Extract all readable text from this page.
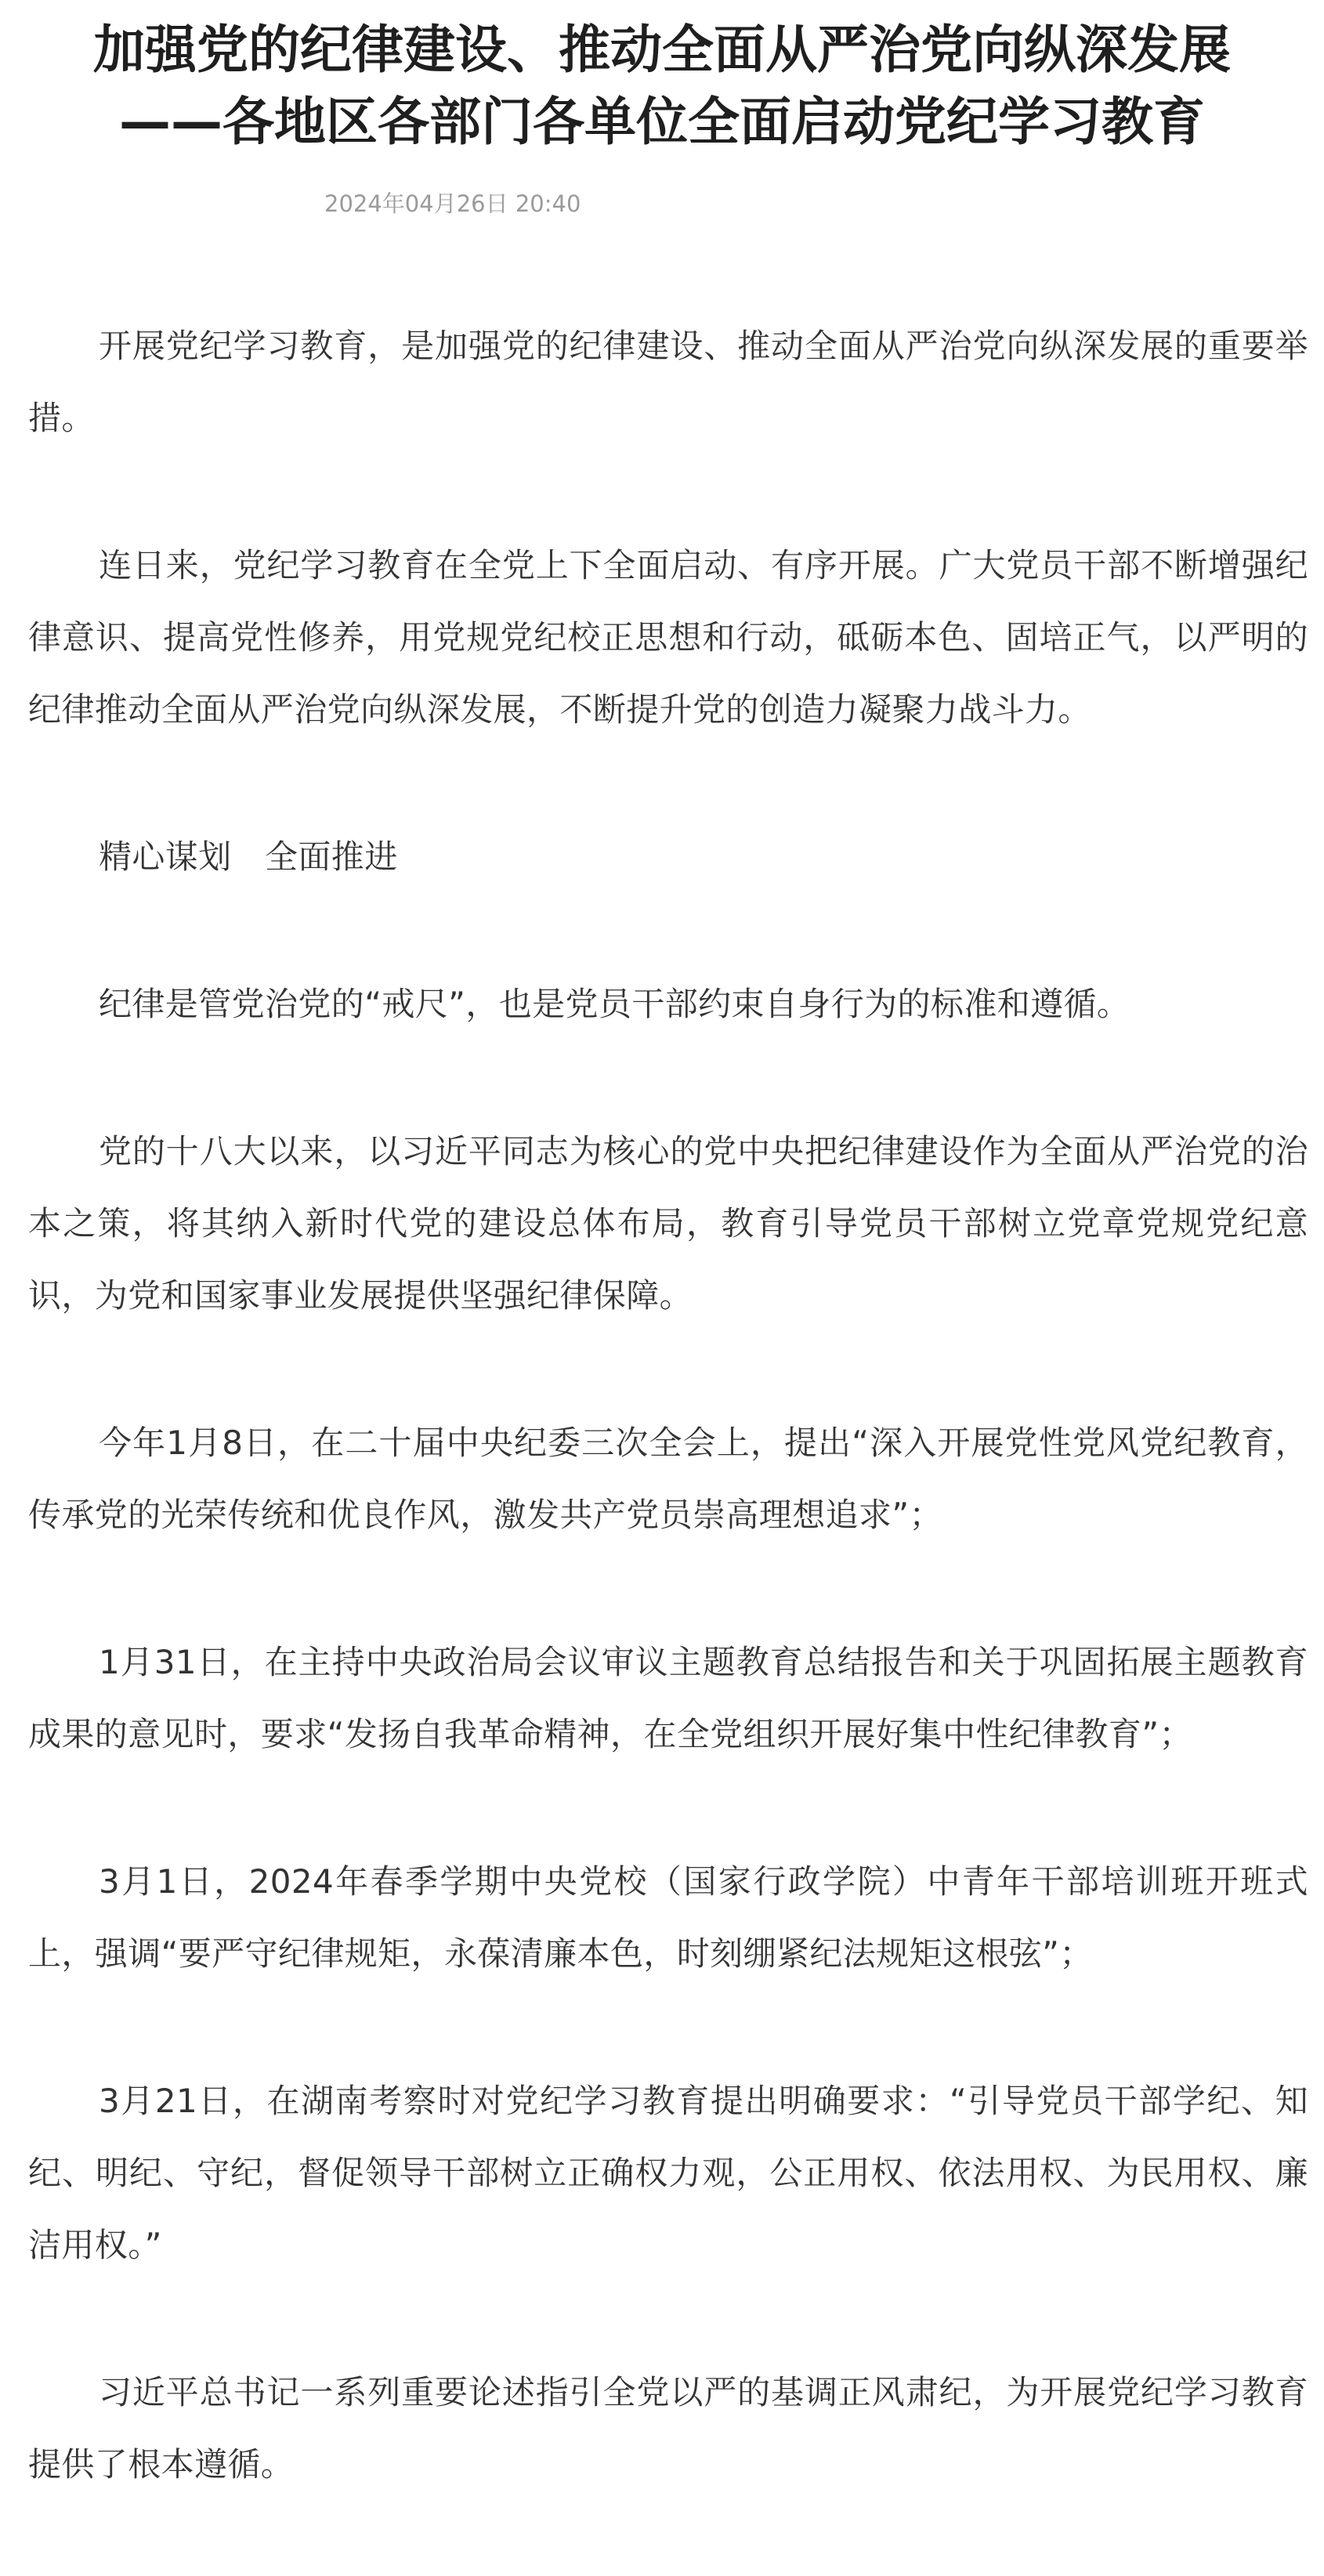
加强党的纪律建设、推动全面从严治党向纵深发展
——各地区各部门各单位全面启动党纪学习教育

2024年04月26日 20:40

开展党纪学习教育，是加强党的纪律建设、推动全面从严治党向纵深发展的重要举措。

连日来，党纪学习教育在全党上下全面启动、有序开展。广大党员干部不断增强纪律意识、提高党性修养，用党规党纪校正思想和行动，砥砺本色、固培正气，以严明的纪律推动全面从严治党向纵深发展，不断提升党的创造力凝聚力战斗力。

精心谋划　全面推进

纪律是管党治党的“戒尺”，也是党员干部约束自身行为的标准和遵循。

党的十八大以来，以习近平同志为核心的党中央把纪律建设作为全面从严治党的治本之策，将其纳入新时代党的建设总体布局，教育引导党员干部树立党章党规党纪意识，为党和国家事业发展提供坚强纪律保障。

今年1月8日，在二十届中央纪委三次全会上，提出“深入开展党性党风党纪教育，传承党的光荣传统和优良作风，激发共产党员崇高理想追求”；

1月31日，在主持中央政治局会议审议主题教育总结报告和关于巩固拓展主题教育成果的意见时，要求“发扬自我革命精神，在全党组织开展好集中性纪律教育”；

3月1日，2024年春季学期中央党校（国家行政学院）中青年干部培训班开班式上，强调“要严守纪律规矩，永葆清廉本色，时刻绷紧纪法规矩这根弦”；

3月21日，在湖南考察时对党纪学习教育提出明确要求：“引导党员干部学纪、知纪、明纪、守纪，督促领导干部树立正确权力观，公正用权、依法用权、为民用权、廉洁用权。”

习近平总书记一系列重要论述指引全党以严的基调正风肃纪，为开展党纪学习教育提供了根本遵循。
